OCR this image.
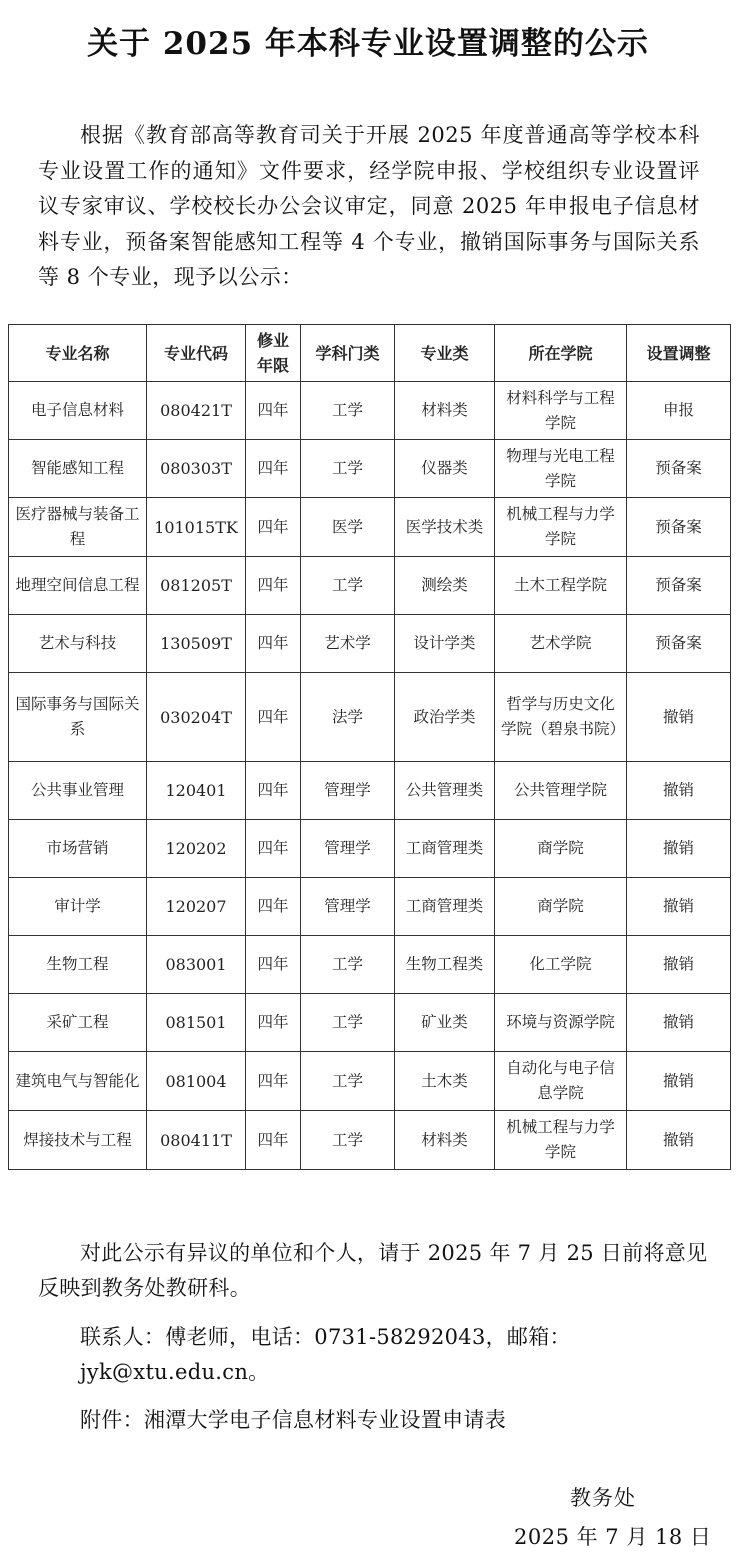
关于 2025 年本科专业设置调整的公示

根据《教育部高等教育司关于开展 2025 年度普通高等学校本科专业设置工作的通知》文件要求，经学院申报、学校组织专业设置评议专家审议、学校校长办公会议审定，同意 2025 年申报电子信息材料专业，预备案智能感知工程等 4 个专业，撤销国际事务与国际关系等 8 个专业，现予以公示：

专业名称	专业代码	修业年限	学科门类	专业类	所在学院	设置调整
电子信息材料	080421T	四年	工学	材料类	材料科学与工程学院	申报
智能感知工程	080303T	四年	工学	仪器类	物理与光电工程学院	预备案
医疗器械与装备工程	101015TK	四年	医学	医学技术类	机械工程与力学学院	预备案
地理空间信息工程	081205T	四年	工学	测绘类	土木工程学院	预备案
艺术与科技	130509T	四年	艺术学	设计学类	艺术学院	预备案
国际事务与国际关系	030204T	四年	法学	政治学类	哲学与历史文化学院（碧泉书院）	撤销
公共事业管理	120401	四年	管理学	公共管理类	公共管理学院	撤销
市场营销	120202	四年	管理学	工商管理类	商学院	撤销
审计学	120207	四年	管理学	工商管理类	商学院	撤销
生物工程	083001	四年	工学	生物工程类	化工学院	撤销
采矿工程	081501	四年	工学	矿业类	环境与资源学院	撤销
建筑电气与智能化	081004	四年	工学	土木类	自动化与电子信息学院	撤销
焊接技术与工程	080411T	四年	工学	材料类	机械工程与力学学院	撤销

对此公示有异议的单位和个人，请于 2025 年 7 月 25 日前将意见反映到教务处教研科。

联系人：傅老师，电话：0731-58292043，邮箱：jyk@xtu.edu.cn。

附件：湘潭大学电子信息材料专业设置申请表

教务处
2025 年 7 月 18 日
